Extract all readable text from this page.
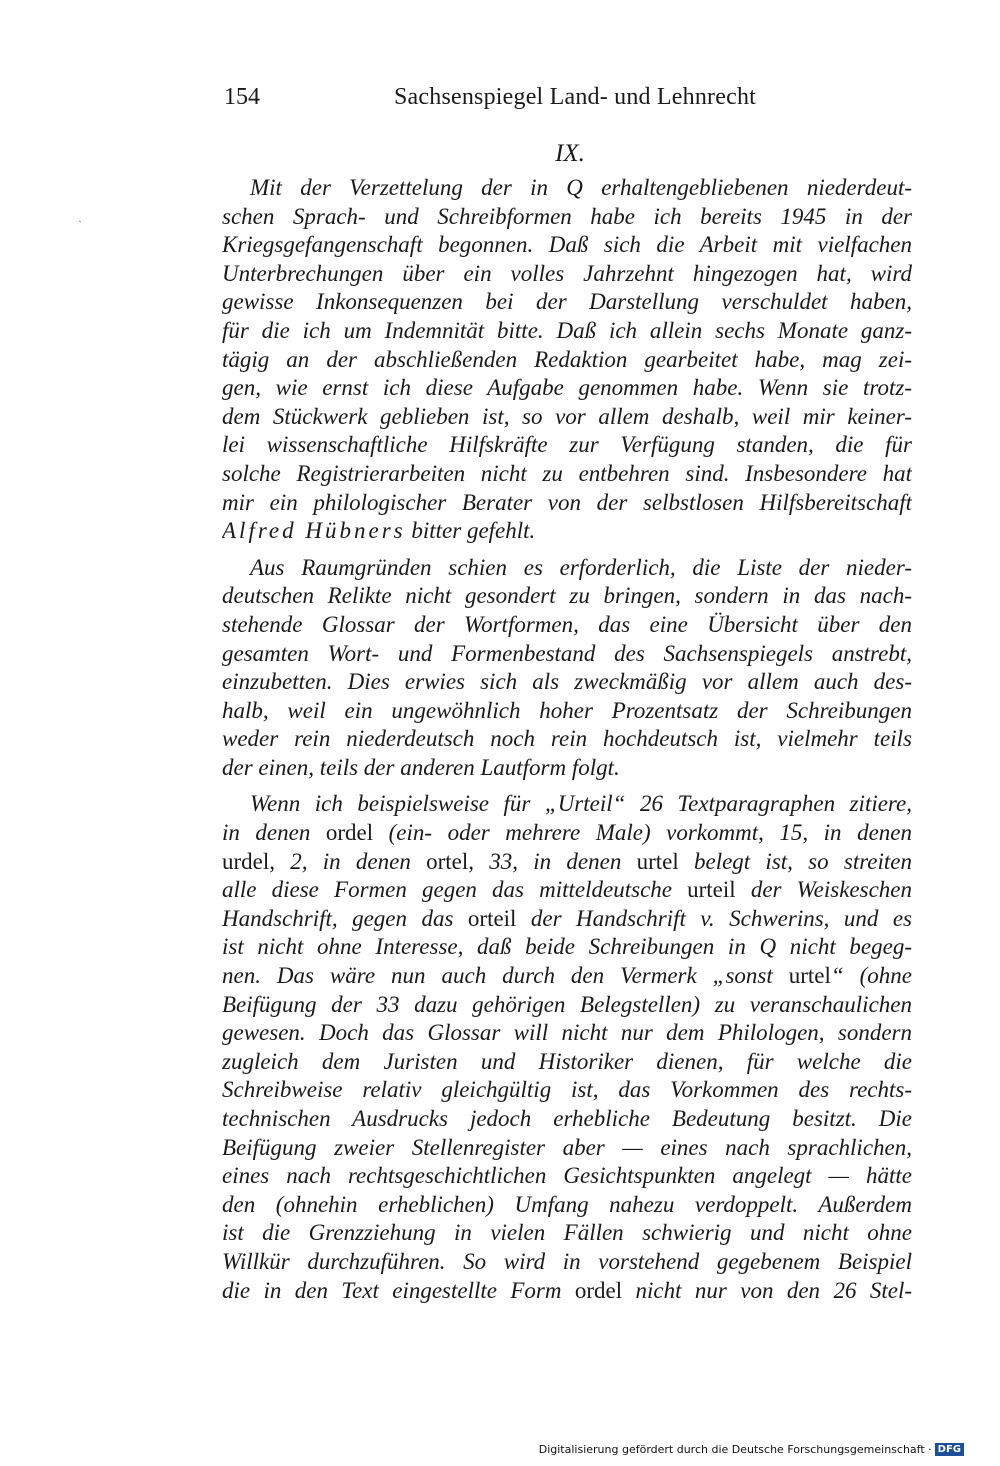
154	Sachsenspiegel Land- und Lehnrecht
IX.
`
Mit der Verzettelung der in Q erhaltengebliebenen niederdeut-
schen Sprach- und Schreibformen habe ich bereits 1945 in der
Kriegsgefangenschaft begonnen. Daß sich die Arbeit mit vielfachen
Unterbrechungen über ein volles Jahrzehnt hingezogen hat, wird
gewisse Inkonsequenzen bei der Darstellung verschuldet haben,
für die ich um Indemnität bitte. Daß ich allein sechs Monate ganz-
tägig an der abschließenden Redaktion gearbeitet habe, mag zei-
gen, wie ernst ich diese Aufgabe genommen habe. Wenn sie trotz-
dem Stückwerk geblieben ist, so vor allem deshalb, weil mir keiner-
lei wissenschaftliche Hilfskräfte zur Verfügung standen, die für
solche Registrierarbeiten nicht zu entbehren sind. Insbesondere hat
mir ein philologischer Berater von der selbstlosen Hilfsbereitschaft
Alfred Hübners bitter gefehlt.
Aus Raumgründen schien es erforderlich, die Liste der nieder-
deutschen Relikte nicht gesondert zu bringen, sondern in das nach-
stehende Glossar der Wortformen, das eine Übersicht über den
gesamten Wort- und Formenbestand des Sachsenspiegels anstrebt,
einzubetten. Dies erwies sich als zweckmäßig vor allem auch des-
halb, weil ein ungewöhnlich hoher Prozentsatz der Schreibungen
weder rein niederdeutsch noch rein hochdeutsch ist, vielmehr teils
der einen, teils der anderen Lautform folgt.
Wenn ich beispielsweise für „Urteil“ 26 Textparagraphen zitiere,
in denen ordel (ein- oder mehrere Male) vorkommt, 15, in denen
urdel, 2, in denen ortel, 33, in denen urtel belegt ist, so streiten
alle diese Formen gegen das mitteldeutsche urteil der Weiskeschen
Handschrift, gegen das orteil der Handschrift v. Schwerins, und es
ist nicht ohne Interesse, daß beide Schreibungen in Q nicht begeg-
nen. Das wäre nun auch durch den Vermerk „sonst urtel“ (ohne
Beifügung der 33 dazu gehörigen Belegstellen) zu veranschaulichen
gewesen. Doch das Glossar will nicht nur dem Philologen, sondern
zugleich dem Juristen und Historiker dienen, für welche die
Schreibweise relativ gleichgültig ist, das Vorkommen des rechts-
technischen Ausdrucks jedoch erhebliche Bedeutung besitzt. Die
Beifügung zweier Stellenregister aber — eines nach sprachlichen,
eines nach rechtsgeschichtlichen Gesichtspunkten angelegt — hätte
den (ohnehin erheblichen) Umfang nahezu verdoppelt. Außerdem
ist die Grenzziehung in vielen Fällen schwierig und nicht ohne
Willkür durchzuführen. So wird in vorstehend gegebenem Beispiel
die in den Text eingestellte Form ordel nicht nur von den 26 Stel-
Digitalisierung gefördert durch die Deutsche Forschungsgemeinschaft · DFG
